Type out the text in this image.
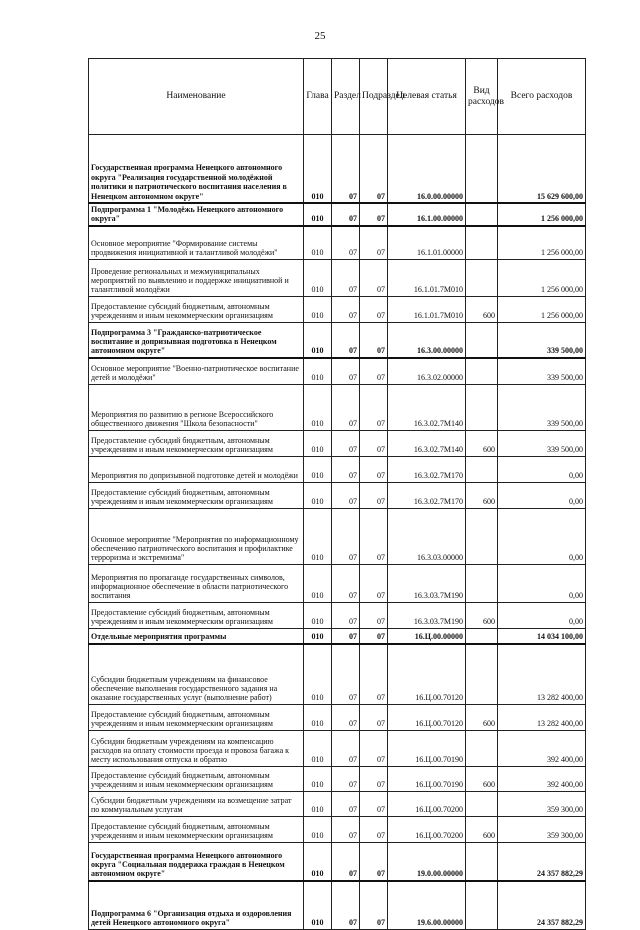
25
Наименование	Глава	Раздел	Подраздел	Целевая статья	Вид расходов	Всего расходов
Государственная программа Ненецкого автономного округа "Реализация государственной молодёжной политики и патриотического воспитания населения в Ненецком автономном округе"	010	07	07	16.0.00.00000		15 629 600,00
Подпрограмма 1 "Молодёжь Ненецкого автономного округа"	010	07	07	16.1.00.00000		1 256 000,00
Основное мероприятие "Формирование системы продвижения инициативной и талантливой молодёжи"	010	07	07	16.1.01.00000		1 256 000,00
Проведение региональных и межмуниципальных мероприятий по выявлению и поддержке инициативной и талантливой молодёжи	010	07	07	16.1.01.7М010		1 256 000,00
Предоставление субсидий бюджетным, автономным учреждениям и иным некоммерческим организациям	010	07	07	16.1.01.7М010	600	1 256 000,00
Подпрограмма 3 "Гражданско-патриотическое воспитание и допризывная подготовка в Ненецком автономном округе"	010	07	07	16.3.00.00000		339 500,00
Основное мероприятие "Военно-патриотическое воспитание детей и молодёжи"	010	07	07	16.3.02.00000		339 500,00
Мероприятия по развитию в регионе Всероссийского общественного движения "Школа безопасности"	010	07	07	16.3.02.7М140		339 500,00
Предоставление субсидий бюджетным, автономным учреждениям и иным некоммерческим организациям	010	07	07	16.3.02.7М140	600	339 500,00
Мероприятия по допризывной подготовке детей и молодёжи	010	07	07	16.3.02.7М170		0,00
Предоставление субсидий бюджетным, автономным учреждениям и иным некоммерческим организациям	010	07	07	16.3.02.7М170	600	0,00
Основное мероприятие "Мероприятия по информационному обеспечению патриотического воспитания и профилактике терроризма и экстремизма"	010	07	07	16.3.03.00000		0,00
Мероприятия по пропаганде государственных символов, информационное обеспечение в области патриотического воспитания	010	07	07	16.3.03.7М190		0,00
Предоставление субсидий бюджетным, автономным учреждениям и иным некоммерческим организациям	010	07	07	16.3.03.7М190	600	0,00
Отдельные мероприятия программы	010	07	07	16.Ц.00.00000		14 034 100,00
Субсидии бюджетным учреждениям на финансовое обеспечение выполнения государственного задания на оказание государственных услуг (выполнение работ)	010	07	07	16.Ц.00.70120		13 282 400,00
Предоставление субсидий бюджетным, автономным учреждениям и иным некоммерческим организациям	010	07	07	16.Ц.00.70120	600	13 282 400,00
Субсидии бюджетным учреждениям на компенсацию расходов на оплату стоимости проезда и провоза багажа к месту использования отпуска и обратно	010	07	07	16.Ц.00.70190		392 400,00
Предоставление субсидий бюджетным, автономным учреждениям и иным некоммерческим организациям	010	07	07	16.Ц.00.70190	600	392 400,00
Субсидии бюджетным учреждениям на возмещение затрат по коммунальным услугам	010	07	07	16.Ц.00.70200		359 300,00
Предоставление субсидий бюджетным, автономным учреждениям и иным некоммерческим организациям	010	07	07	16.Ц.00.70200	600	359 300,00
Государственная программа Ненецкого автономного округа "Социальная поддержка граждан в Ненецком автономном округе"	010	07	07	19.0.00.00000		24 357 882,29
Подпрограмма 6 "Организация отдыха и оздоровления детей Ненецкого автономного округа"	010	07	07	19.6.00.00000		24 357 882,29
